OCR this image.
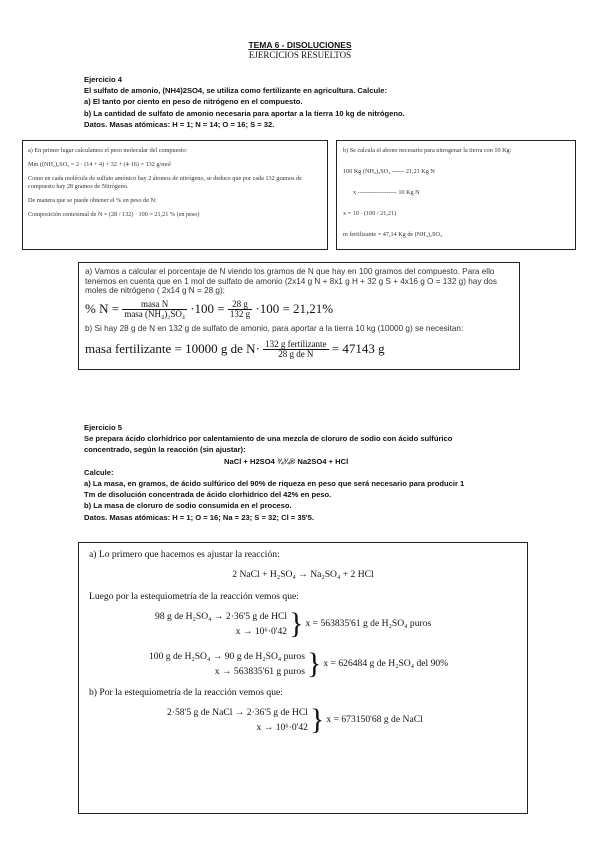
TEMA 6 - DISOLUCIONES
EJERCICIOS RESUELTOS
Ejercicio 4
El sulfato de amonio, (NH4)2SO4, se utiliza como fertilizante en agricultura. Calcule:
a) El tanto por ciento en peso de nitrógeno en el compuesto.
b) La cantidad de sulfato de amonio necesaria para aportar a la tierra 10 kg de nitrógeno.
Datos. Masas atómicas: H = 1; N = 14; O = 16; S = 32.

a) En primer lugar calculamos el peso molecular del compuesto:

Mm ((NH₄)₂SO₄ = 2 · (14 + 4) + 32 + (4·16) = 132 g/mol

Como en cada molécula de sulfato amónico hay 2 átomos de nitrógeno, se deduce que por cada 132 gramos de compuesto hay 28 gramos de Nitrógeno.

De manera que se puede obtener el % en peso de N:

Composición centesimal de N = (28 / 132) · 100 = 21,21 % (en peso)

b) Se calcula el abono necesario para nitrogenar la tierra con 10 Kg:
100 Kg (NH₄)₂SO₄ ------ 21,21 Kg N
x ------------------- 10 Kg N
x = 10 · (100 / 21,21)
m fertilizante = 47,14 Kg de (NH₄)₂SO₄
a) Vamos a calcular el porcentaje de N viendo los gramos de N que hay en 100 gramos del compuesto. Para ello tenemos en cuenta que en 1 mol de sulfato de amonio (2x14 g N + 8x1 g H + 32 g S + 4x16 g O = 132 g) hay dos moles de nitrógeno ( 2x14 g N = 28 g):
% $N = \frac{\text{masa N}}{\text{masa (NH₄)₂SO₄}} \cdot 100 = \frac{28 g}{132 g} \cdot 100 = 21,21\%$
b) Si hay 28 g de N en 132 g de sulfato de amonio, para aportar a la tierra 10 kg (10000 g) se necesitan:
masa fertilizante = 10000 g de $N\cdot \frac{\text{132 g fertilizante}}{\text{28 g de N}} = 47143$ g
Ejercicio 5
Se prepara ácido clorhídrico por calentamiento de una mezcla de cloruro de sodio con ácido sulfúrico
concentrado, según la reacción (sin ajustar):
NaCl + H2SO4 ¾¾® Na2SO4 + HCl
Calcule:
a) La masa, en gramos, de ácido sulfúrico del 90% de riqueza en peso que será necesario para producir 1
Tm de disolución concentrada de ácido clorhídrico del 42% en peso.
b) La masa de cloruro de sodio consumida en el proceso.
Datos. Masas atómicas: H = 1; O = 16; Na = 23; S = 32; Cl = 35'5.

a) Lo primero que hacemos es ajustar la reacción:

2 NaCl + H₂SO₄ → Na₂SO₄ + 2 HCl

Luego por la estequiometría de la reacción vemos que:

98 g de H₂SO₄ → 2·36'5 g de HCl
x → 10⁶·0'42 } x = 563835'61 g de H₂SO₄ puros
100 g de H₂SO₄ → 90 g de H₂SO₄ puros
x → 563835'61 g puros } x = 626484 g de H₂SO₄ del 90%

b) Por la estequiometría de la reacción vemos que:

2·58'5 g de NaCl → 2·36'5 g de HCl
x → 10⁶·0'42 } x = 673150'68 g de NaCl
